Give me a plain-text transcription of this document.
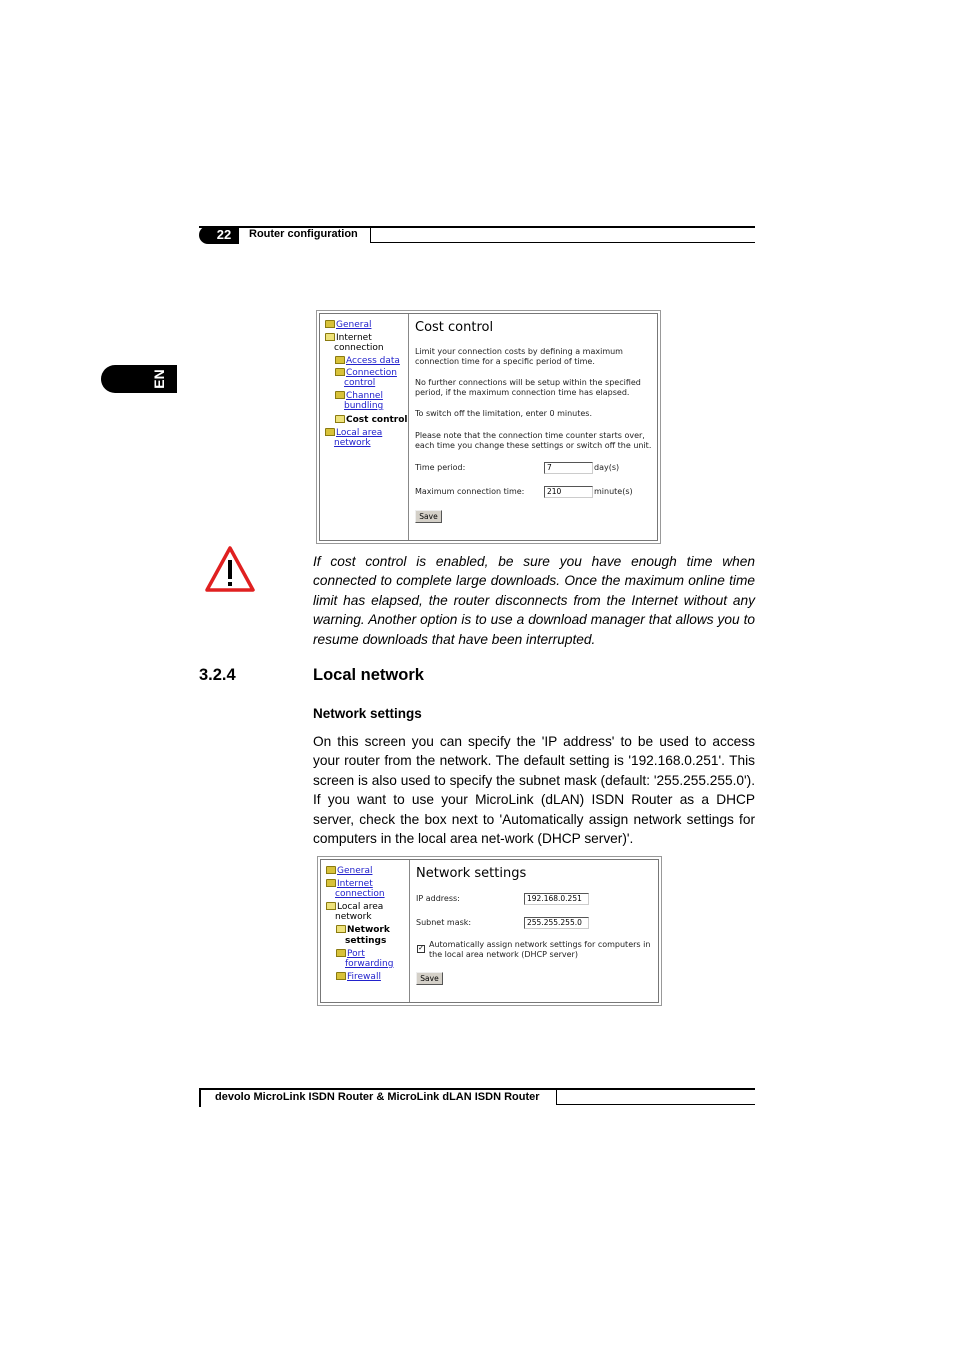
22	Router configuration
EN
General
Internet
connection
Access data
Connection
control
Channel
bundling
Cost control
Local area
network
Cost control
Limit your connection costs by defining a maximum
connection time for a specific period of time.
No further connections will be setup within the specified
period, if the maximum connection time has elapsed.
To switch off the limitation, enter 0 minutes.
Please note that the connection time counter starts over,
each time you change these settings or switch off the unit.
Time period:	7	day(s)
Maximum connection time:	210	minute(s)
Save
If cost control is enabled, be sure you have enough time when connected to complete large downloads. Once the maximum online time limit has elapsed, the router disconnects from the Internet without any warning. Another option is to use a download manager that allows you to resume downloads that have been interrupted.
3.2.4	Local network
Network settings
On this screen you can specify the 'IP address' to be used to access your router from the network. The default setting is '192.168.0.251'. This screen is also used to specify the subnet mask (default: '255.255.255.0'). If you want to use your MicroLink (dLAN) ISDN Router as a DHCP server, check the box next to 'Automatically assign network settings for computers in the local area net-work (DHCP server)'.
General
Internet
connection
Local area
network
Network
settings
Port
forwarding
Firewall
Network settings
IP address:	192.168.0.251
Subnet mask:	255.255.255.0
✓ Automatically assign network settings for computers in
the local area network (DHCP server)
Save
devolo MicroLink ISDN Router & MicroLink dLAN ISDN Router
